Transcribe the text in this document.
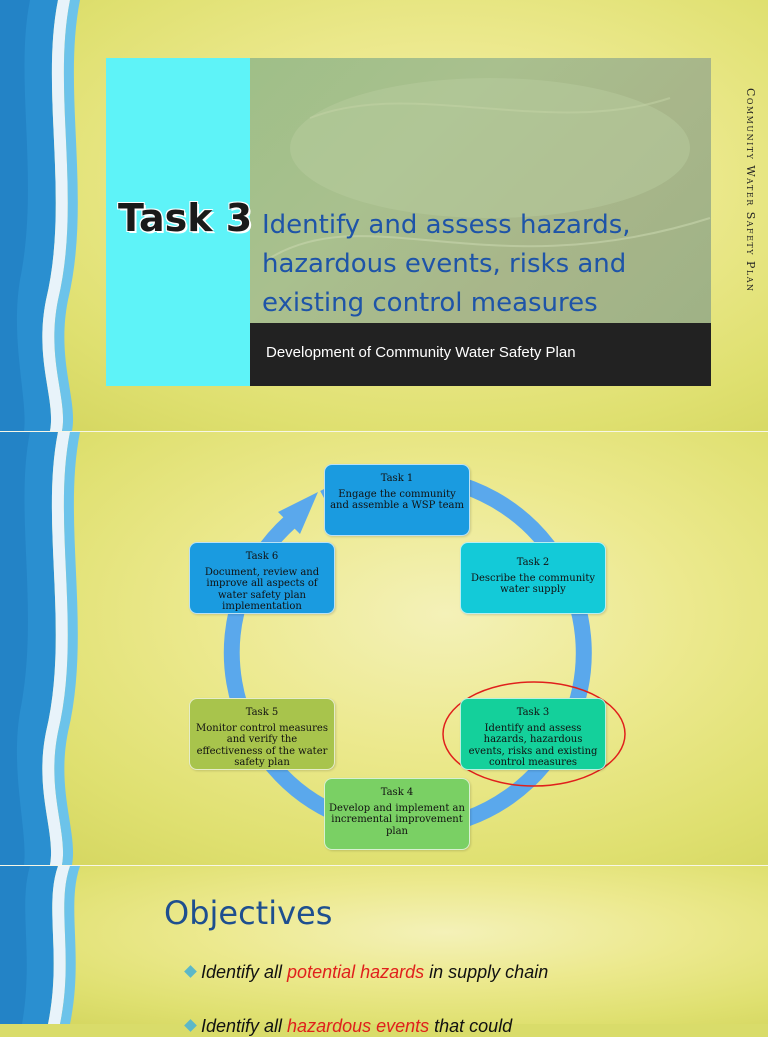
Task 3 Identify and assess hazards,
hazardous events, risks and
existing control measures
Development of Community Water Safety Plan
Community Water Safety Plan
Task 1
Engage the community and assemble a WSP team
Task 2
Describe the community water supply
Task 3
Identify and assess hazards, hazardous events, risks and existing control measures
Task 4
Develop and implement an incremental improvement plan
Task 5
Monitor control measures and verify the effectiveness of the water safety plan
Task 6
Document, review and improve all aspects of water safety plan implementation
Objectives
Identify all potential hazards in supply chain
Identify all hazardous events that could
